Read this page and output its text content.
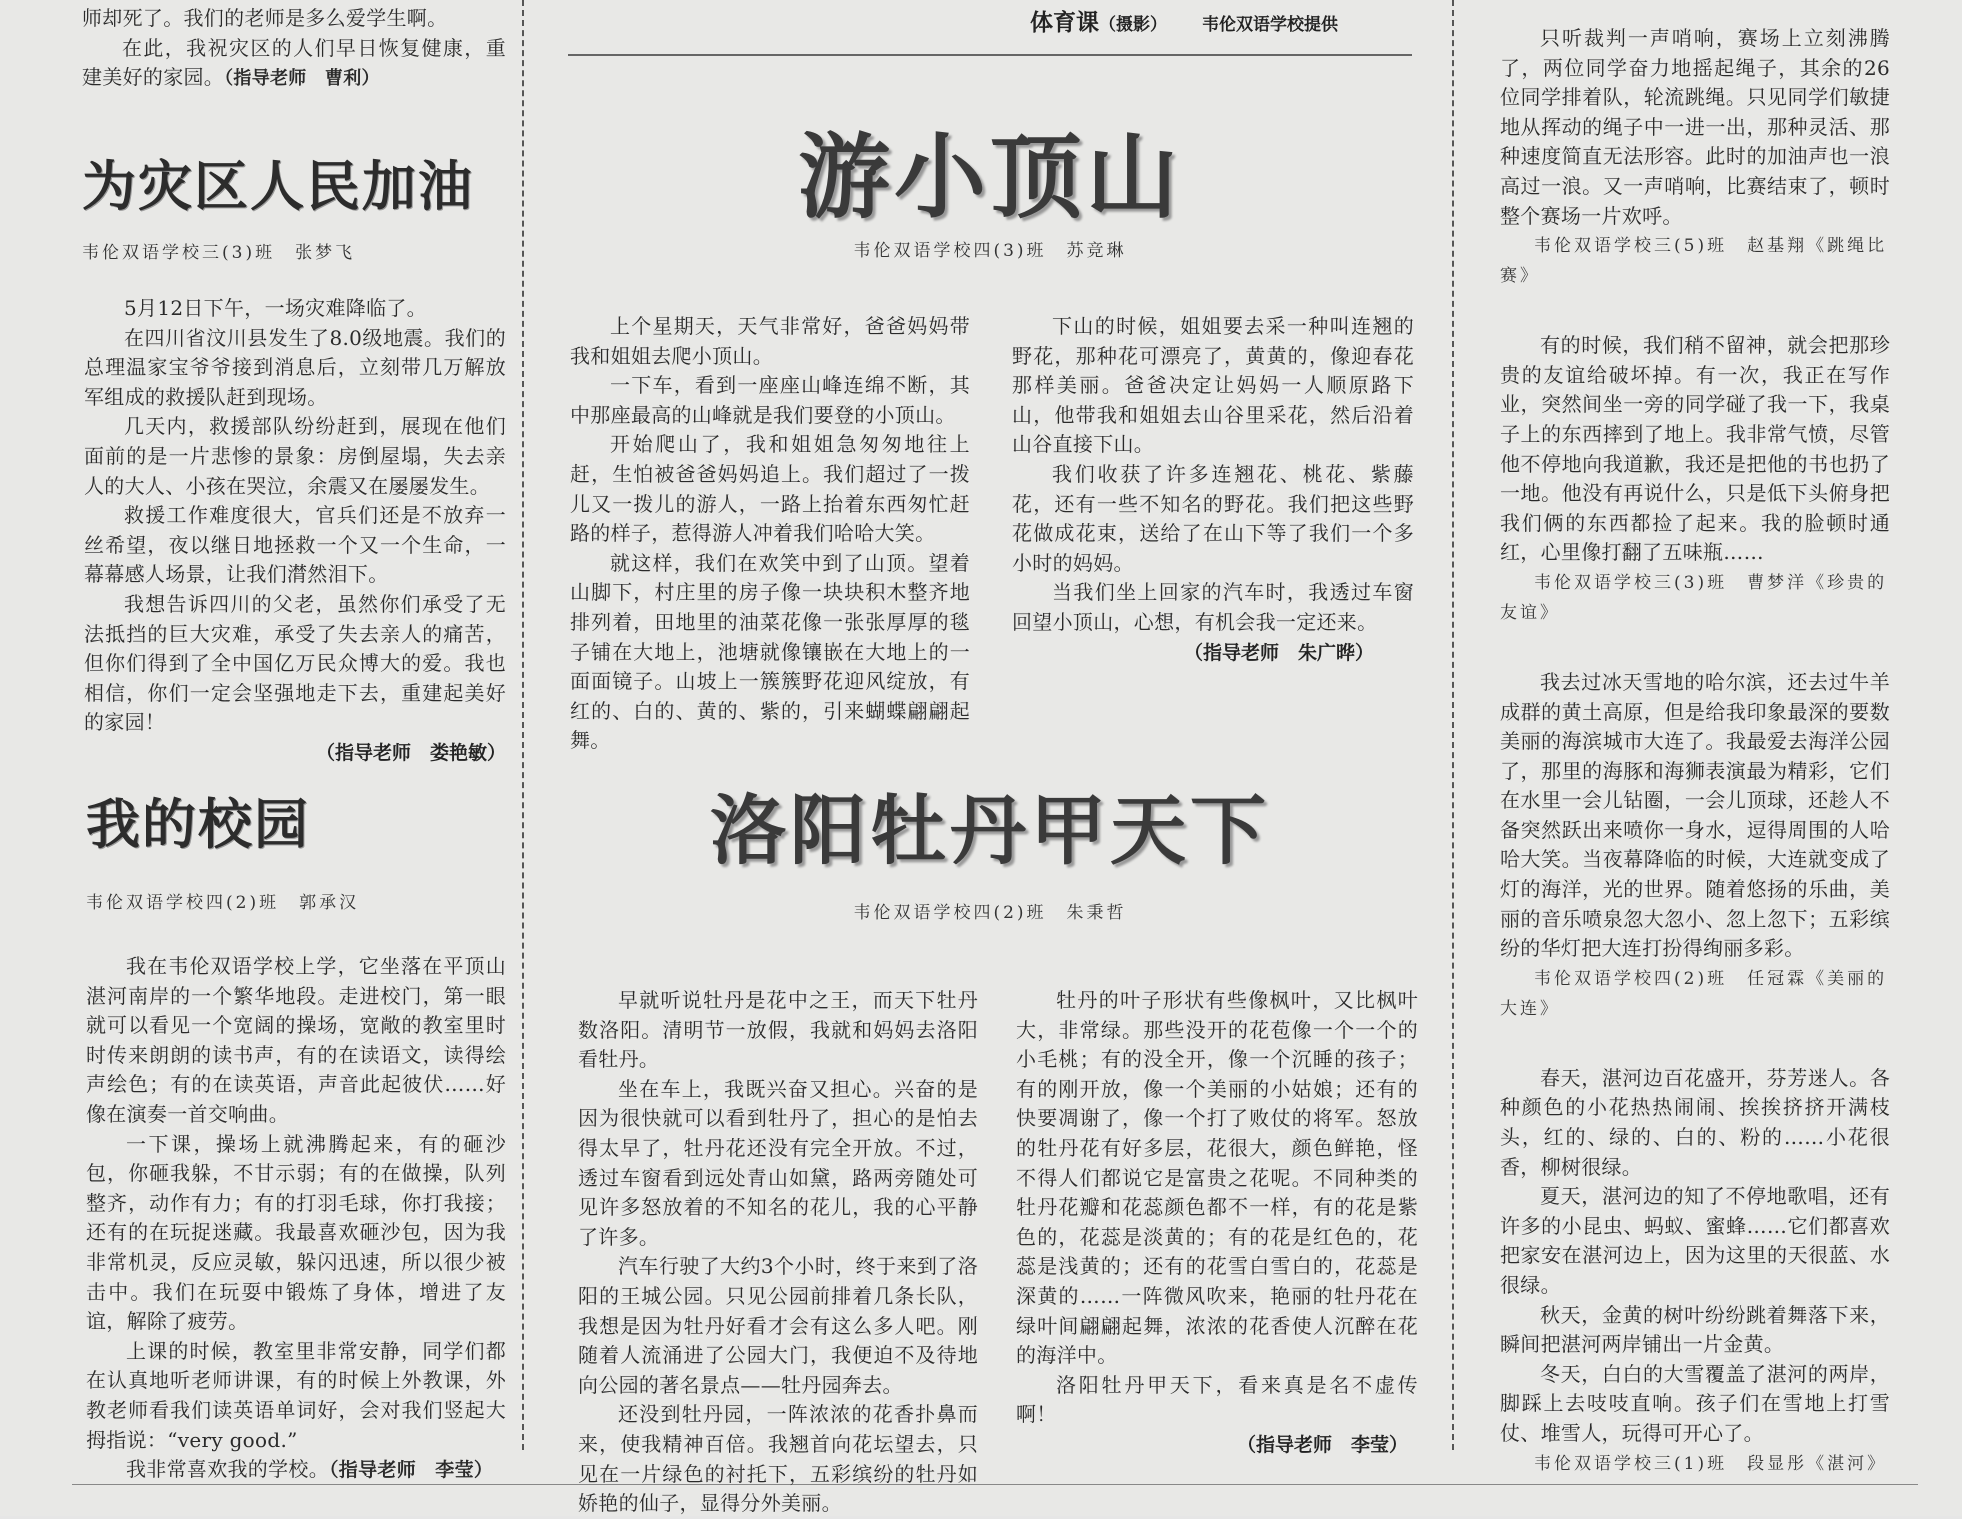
师却死了。我们的老师是多么爱学生啊。

在此，我祝灾区的人们早日恢复健康，重建美好的家园。（指导老师　曹利）

体育课（摄影） 韦伦双语学校提供
为灾区人民加油
韦伦双语学校三(3)班　张梦飞

5月12日下午，一场灾难降临了。

在四川省汶川县发生了8.0级地震。我们的总理温家宝爷爷接到消息后，立刻带几万解放军组成的救援队赶到现场。

几天内，救援部队纷纷赶到，展现在他们面前的是一片悲惨的景象：房倒屋塌，失去亲人的大人、小孩在哭泣，余震又在屡屡发生。

救援工作难度很大，官兵们还是不放弃一丝希望，夜以继日地拯救一个又一个生命，一幕幕感人场景，让我们潸然泪下。

我想告诉四川的父老，虽然你们承受了无法抵挡的巨大灾难，承受了失去亲人的痛苦，但你们得到了全中国亿万民众博大的爱。我也相信，你们一定会坚强地走下去，重建起美好的家园！

（指导老师　娄艳敏）
我的校园
韦伦双语学校四(2)班　郭承汉

我在韦伦双语学校上学，它坐落在平顶山湛河南岸的一个繁华地段。走进校门，第一眼就可以看见一个宽阔的操场，宽敞的教室里时时传来朗朗的读书声，有的在读语文，读得绘声绘色；有的在读英语，声音此起彼伏……好像在演奏一首交响曲。

一下课，操场上就沸腾起来，有的砸沙包，你砸我躲，不甘示弱；有的在做操，队列整齐，动作有力；有的打羽毛球，你打我接；还有的在玩捉迷藏。我最喜欢砸沙包，因为我非常机灵，反应灵敏，躲闪迅速，所以很少被击中。我们在玩耍中锻炼了身体，增进了友谊，解除了疲劳。

上课的时候，教室里非常安静，同学们都在认真地听老师讲课，有的时候上外教课，外教老师看我们读英语单词好，会对我们竖起大拇指说：“very good.”

我非常喜欢我的学校。（指导老师　李莹）

游小顶山
韦伦双语学校四(3)班　苏竞琳

上个星期天，天气非常好，爸爸妈妈带我和姐姐去爬小顶山。

一下车，看到一座座山峰连绵不断，其中那座最高的山峰就是我们要登的小顶山。

开始爬山了，我和姐姐急匆匆地往上赶，生怕被爸爸妈妈追上。我们超过了一拨儿又一拨儿的游人，一路上抬着东西匆忙赶路的样子，惹得游人冲着我们哈哈大笑。

就这样，我们在欢笑中到了山顶。望着山脚下，村庄里的房子像一块块积木整齐地排列着，田地里的油菜花像一张张厚厚的毯子铺在大地上，池塘就像镶嵌在大地上的一面面镜子。山坡上一簇簇野花迎风绽放，有红的、白的、黄的、紫的，引来蝴蝶翩翩起舞。

下山的时候，姐姐要去采一种叫连翘的野花，那种花可漂亮了，黄黄的，像迎春花那样美丽。爸爸决定让妈妈一人顺原路下山，他带我和姐姐去山谷里采花，然后沿着山谷直接下山。

我们收获了许多连翘花、桃花、紫藤花，还有一些不知名的野花。我们把这些野花做成花束，送给了在山下等了我们一个多小时的妈妈。

当我们坐上回家的汽车时，我透过车窗回望小顶山，心想，有机会我一定还来。

（指导老师　朱广晔）
洛阳牡丹甲天下
韦伦双语学校四(2)班　朱秉哲

早就听说牡丹是花中之王，而天下牡丹数洛阳。清明节一放假，我就和妈妈去洛阳看牡丹。

坐在车上，我既兴奋又担心。兴奋的是因为很快就可以看到牡丹了，担心的是怕去得太早了，牡丹花还没有完全开放。不过，透过车窗看到远处青山如黛，路两旁随处可见许多怒放着的不知名的花儿，我的心平静了许多。

汽车行驶了大约3个小时，终于来到了洛阳的王城公园。只见公园前排着几条长队，我想是因为牡丹好看才会有这么多人吧。刚随着人流涌进了公园大门，我便迫不及待地向公园的著名景点——牡丹园奔去。

还没到牡丹园，一阵浓浓的花香扑鼻而来，使我精神百倍。我翘首向花坛望去，只见在一片绿色的衬托下，五彩缤纷的牡丹如娇艳的仙子，显得分外美丽。

牡丹的叶子形状有些像枫叶，又比枫叶大，非常绿。那些没开的花苞像一个一个的小毛桃；有的没全开，像一个沉睡的孩子；有的刚开放，像一个美丽的小姑娘；还有的快要凋谢了，像一个打了败仗的将军。怒放的牡丹花有好多层，花很大，颜色鲜艳，怪不得人们都说它是富贵之花呢。不同种类的牡丹花瓣和花蕊颜色都不一样，有的花是紫色的，花蕊是淡黄的；有的花是红色的，花蕊是浅黄的；还有的花雪白雪白的，花蕊是深黄的……一阵微风吹来，艳丽的牡丹花在绿叶间翩翩起舞，浓浓的花香使人沉醉在花的海洋中。

洛阳牡丹甲天下，看来真是名不虚传啊！

（指导老师　李莹）

只听裁判一声哨响，赛场上立刻沸腾了，两位同学奋力地摇起绳子，其余的26位同学排着队，轮流跳绳。只见同学们敏捷地从挥动的绳子中一进一出，那种灵活、那种速度简直无法形容。此时的加油声也一浪高过一浪。又一声哨响，比赛结束了，顿时整个赛场一片欢呼。

韦伦双语学校三(5)班　赵基翔《跳绳比赛》

有的时候，我们稍不留神，就会把那珍贵的友谊给破坏掉。有一次，我正在写作业，突然间坐一旁的同学碰了我一下，我桌子上的东西摔到了地上。我非常气愤，尽管他不停地向我道歉，我还是把他的书也扔了一地。他没有再说什么，只是低下头俯身把我们俩的东西都捡了起来。我的脸顿时通红，心里像打翻了五味瓶……

韦伦双语学校三(3)班　曹梦洋《珍贵的友谊》

我去过冰天雪地的哈尔滨，还去过牛羊成群的黄土高原，但是给我印象最深的要数美丽的海滨城市大连了。我最爱去海洋公园了，那里的海豚和海狮表演最为精彩，它们在水里一会儿钻圈，一会儿顶球，还趁人不备突然跃出来喷你一身水，逗得周围的人哈哈大笑。当夜幕降临的时候，大连就变成了灯的海洋，光的世界。随着悠扬的乐曲，美丽的音乐喷泉忽大忽小、忽上忽下；五彩缤纷的华灯把大连打扮得绚丽多彩。

韦伦双语学校四(2)班　任冠霖《美丽的大连》

春天，湛河边百花盛开，芬芳迷人。各种颜色的小花热热闹闹、挨挨挤挤开满枝头，红的、绿的、白的、粉的……小花很香，柳树很绿。

夏天，湛河边的知了不停地歌唱，还有许多的小昆虫、蚂蚁、蜜蜂……它们都喜欢把家安在湛河边上，因为这里的天很蓝、水很绿。

秋天，金黄的树叶纷纷跳着舞落下来，瞬间把湛河两岸铺出一片金黄。

冬天，白白的大雪覆盖了湛河的两岸，脚踩上去吱吱直响。孩子们在雪地上打雪仗、堆雪人，玩得可开心了。

韦伦双语学校三(1)班　段显彤《湛河》
